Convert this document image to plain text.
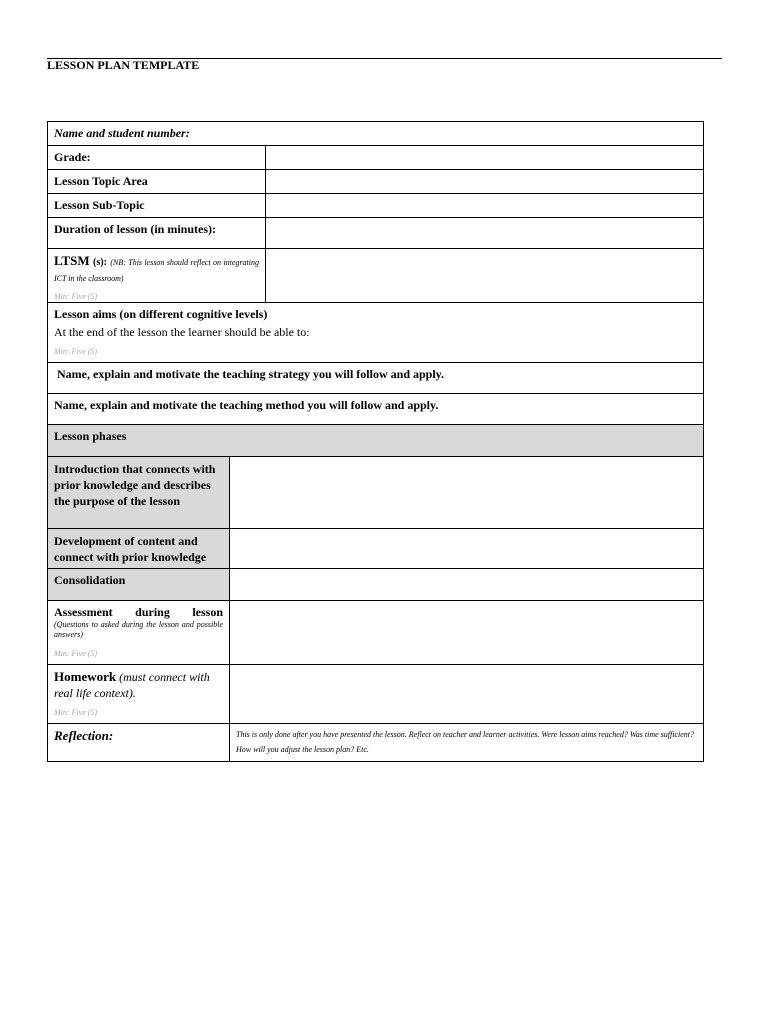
LESSON PLAN TEMPLATE
Name and student number:
Grade:
Lesson Topic Area
Lesson Sub-Topic
Duration of lesson (in minutes):
LTSM (s): (NB: This lesson should reflect on integrating ICT in the classroom)
Min: Five (5)
Lesson aims (on different cognitive levels)
At the end of the lesson the learner should be able to:
Min: Five (5)
Name, explain and motivate the teaching strategy you will follow and apply.
Name, explain and motivate the teaching method you will follow and apply.
Lesson phases
Introduction that connects with prior knowledge and describes the purpose of the lesson
Development of content and connect with prior knowledge
Consolidation
Assessment during lesson
(Questions to asked during the lesson and possible answers)
Min: Five (5)
Homework (must connect with real life context).
Min: Five (5)
Reflection:	This is only done after you have presented the lesson. Reflect on teacher and learner activities. Were lesson aims reached? Was time sufficient? How will you adjust the lesson plan? Etc.
